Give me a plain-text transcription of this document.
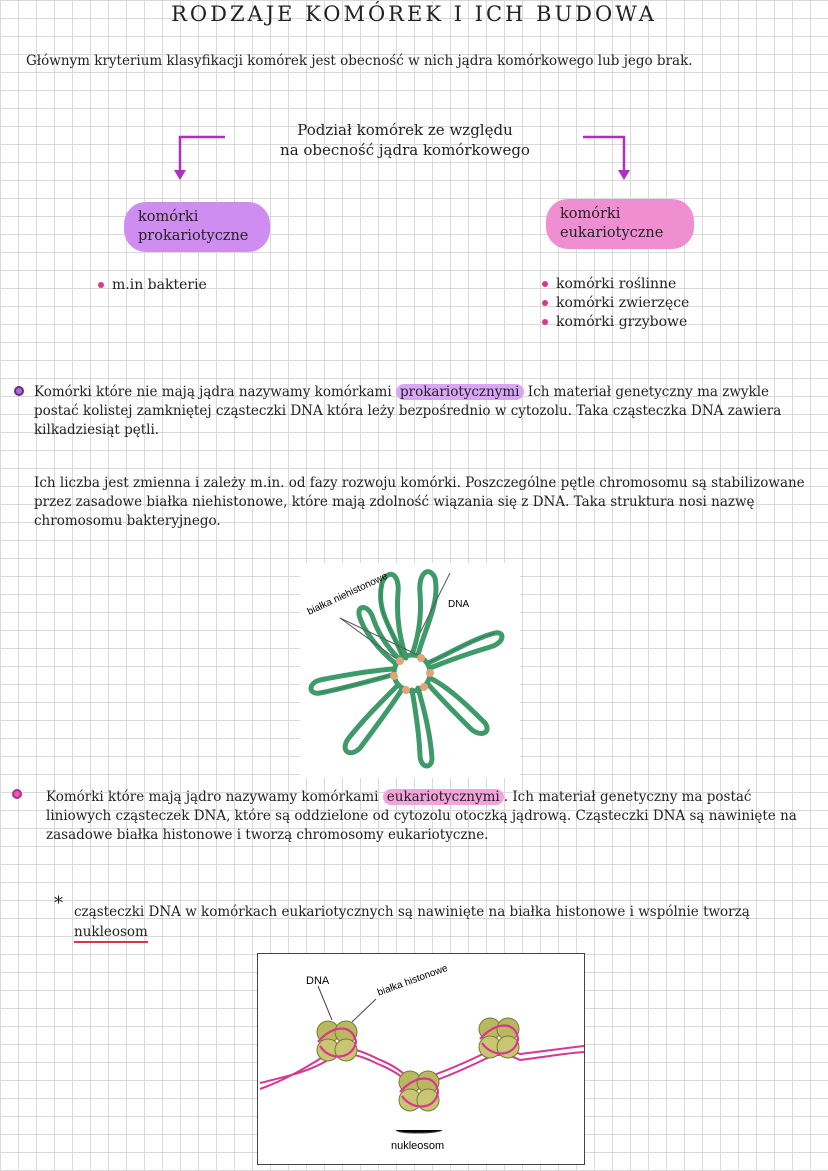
RODZAJE KOMÓREK I ICH BUDOWA
Głównym kryterium klasyfikacji komórek jest obecność w nich jądra komórkowego lub jego brak.
Podział komórek ze względu
na obecność jądra komórkowego
komórki prokariotyczne
m.in bakterie
komórki eukariotyczne
komórki roślinne
komórki zwierzęce
komórki grzybowe
Komórki które nie mają jądra nazywamy komórkami prokariotycznymi Ich materiał genetyczny ma zwykle postać kolistej zamkniętej cząsteczki DNA która leży bezpośrednio w cytozolu. Taka cząsteczka DNA zawiera kilkadziesiąt pętli.
Ich liczba jest zmienna i zależy m.in. od fazy rozwoju komórki. Poszczególne pętle chromosomu są stabilizowane przez zasadowe białka niehistonowe, które mają zdolność wiązania się z DNA. Taka struktura nosi nazwę chromosomu bakteryjnego.
białka niehistonowe	DNA
Komórki które mają jądro nazywamy komórkami eukariotycznymi . Ich materiał genetyczny ma postać liniowych cząsteczek DNA, które są oddzielone od cytozolu otoczką jądrową. Cząsteczki DNA są nawinięte na zasadowe białka histonowe i tworzą chromosomy eukariotyczne.
* cząsteczki DNA w komórkach eukariotycznych są nawinięte na białka histonowe i wspólnie tworzą nukleosom
DNA	białka histonowe
nukleosom
